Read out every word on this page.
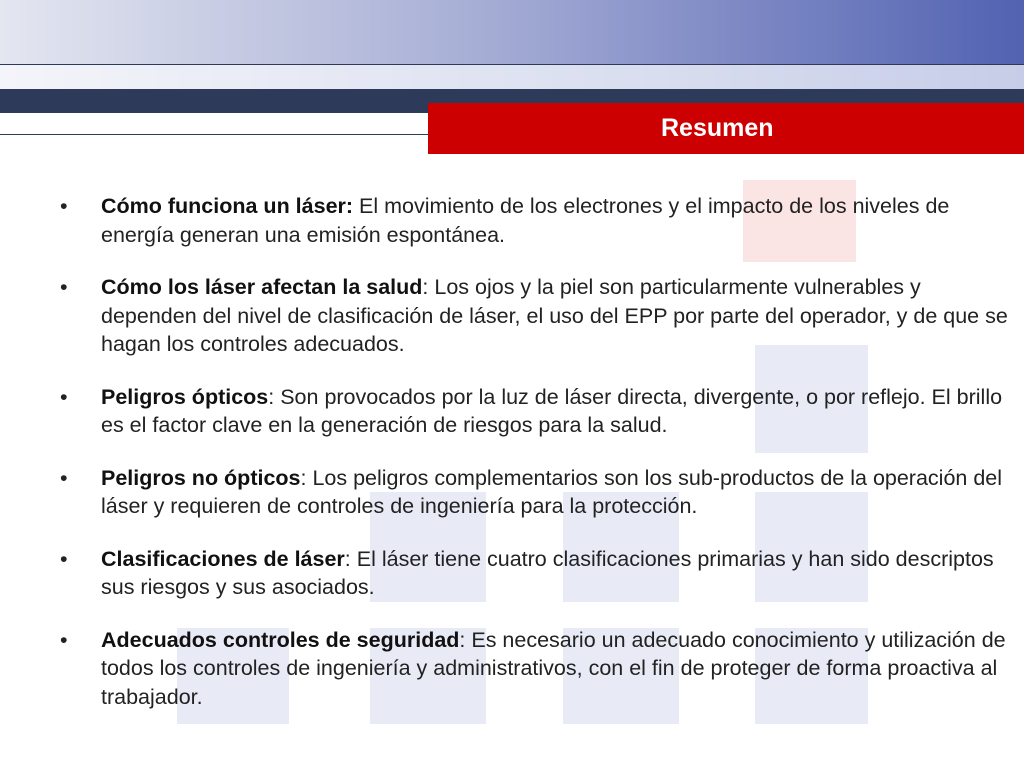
Resumen
•	Cómo funciona un láser: El movimiento de los electrones y el impacto de los niveles de energía generan una emisión espontánea.
•	Cómo los láser afectan la salud: Los ojos y la piel son particularmente vulnerables y dependen del nivel de clasificación de láser, el uso del EPP por parte del operador, y de que se hagan los controles adecuados.
•	Peligros ópticos: Son provocados por la luz de láser directa, divergente, o por reflejo. El brillo es el factor clave en la generación de riesgos para la salud.
•	Peligros no ópticos: Los peligros complementarios son los sub-productos de la operación del láser y requieren de controles de ingeniería para la protección.
•	Clasificaciones de láser: El láser tiene cuatro clasificaciones primarias y han sido descriptos sus riesgos y sus asociados.
•	Adecuados controles de seguridad: Es necesario un adecuado conocimiento y utilización de todos los controles de ingeniería y administrativos, con el fin de proteger de forma proactiva al trabajador.
